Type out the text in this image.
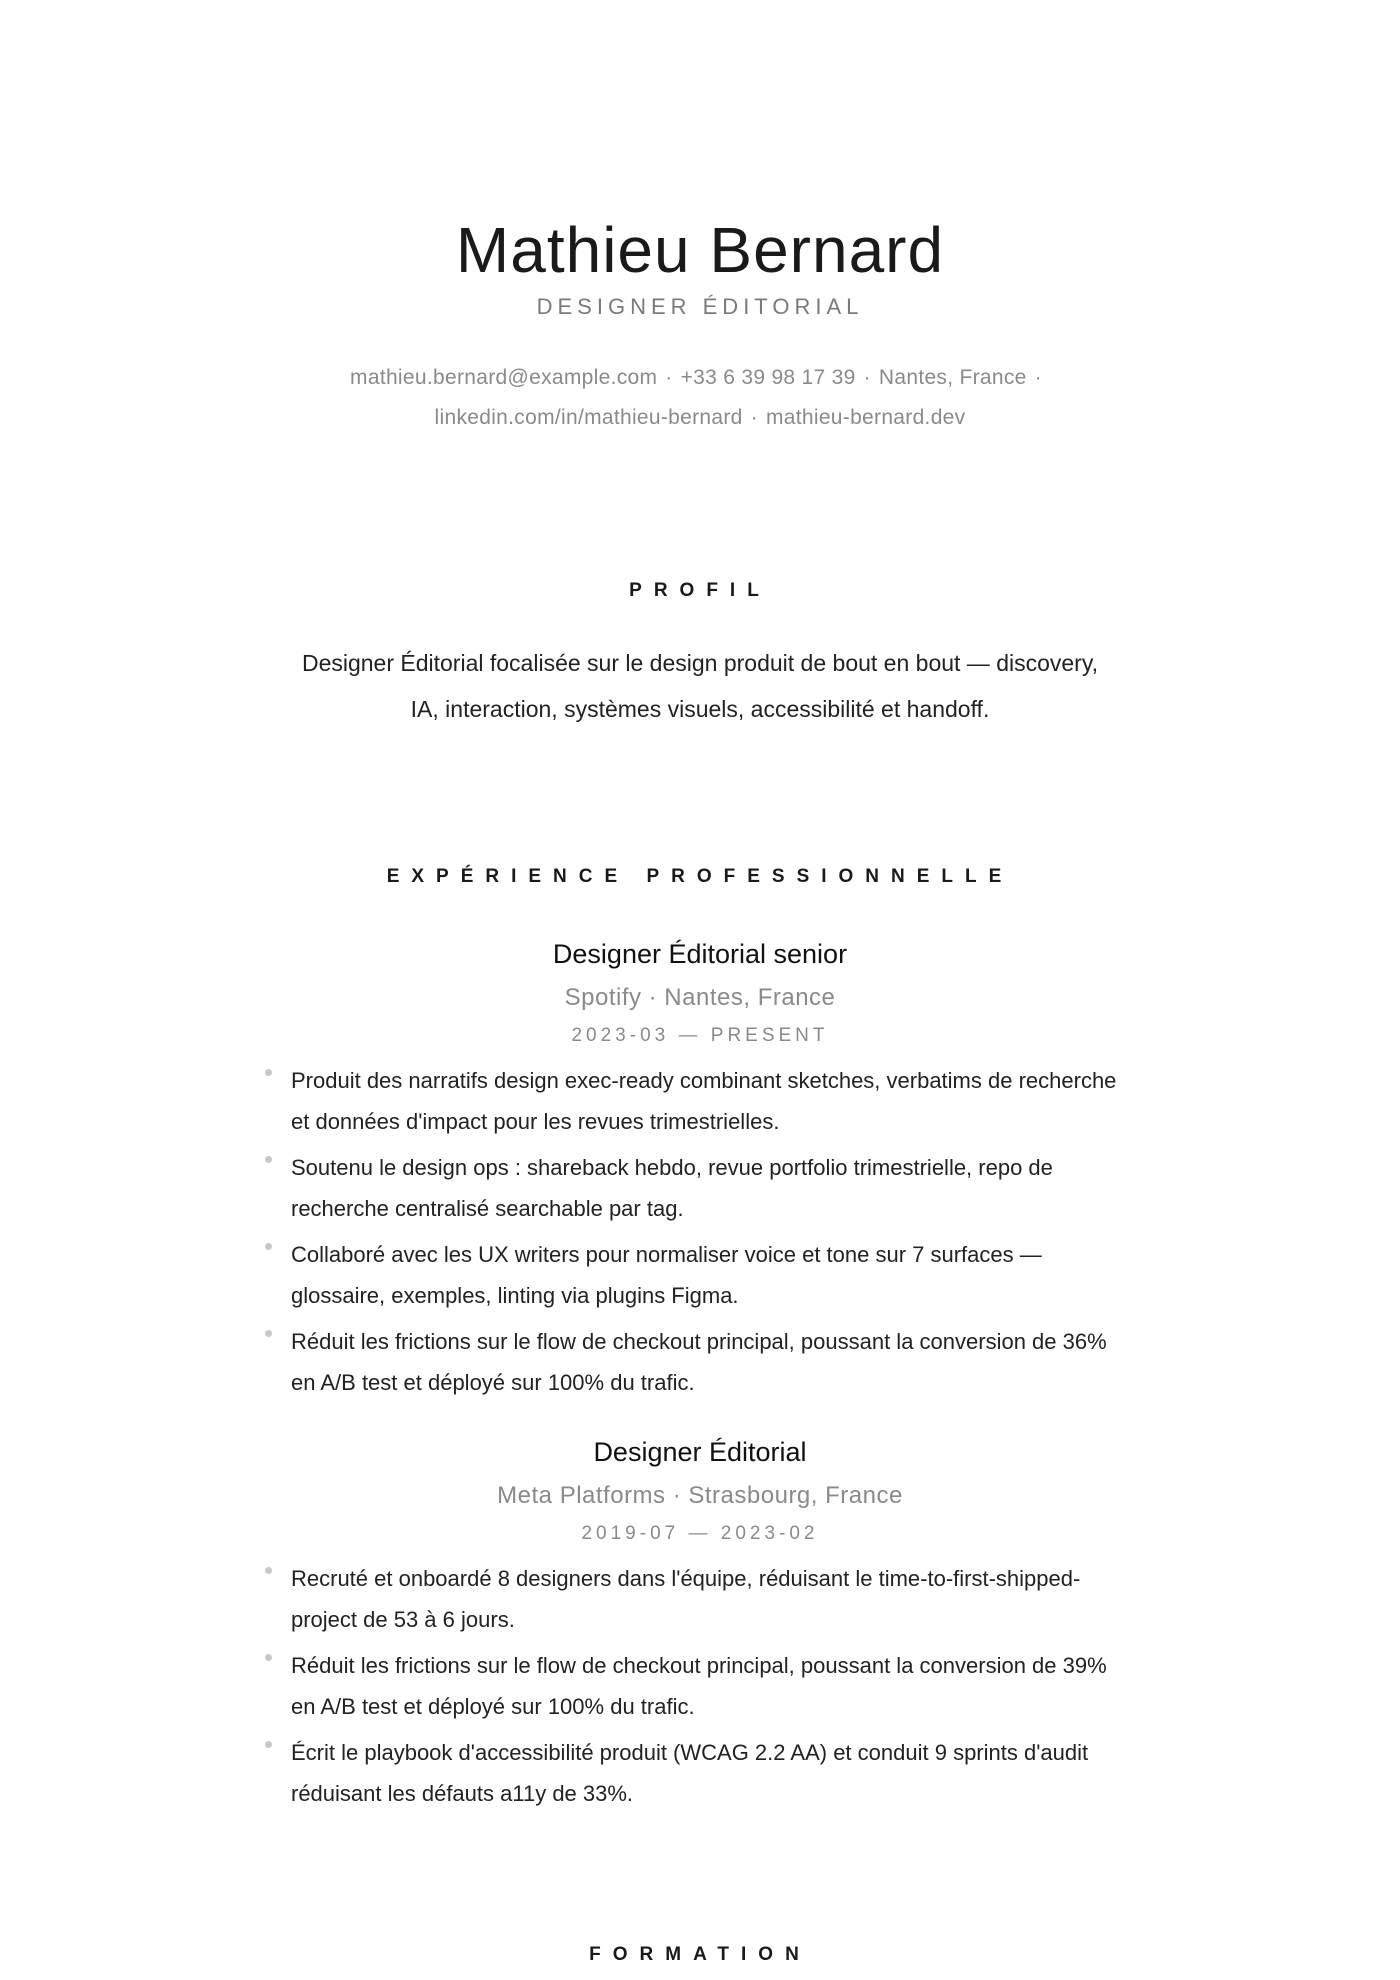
Mathieu Bernard
DESIGNER ÉDITORIAL
mathieu.bernard@example.com · +33 6 39 98 17 39 · Nantes, France ·
linkedin.com/in/mathieu-bernard · mathieu-bernard.dev
PROFIL
Designer Éditorial focalisée sur le design produit de bout en bout — discovery, IA, interaction, systèmes visuels, accessibilité et handoff.
EXPÉRIENCE PROFESSIONNELLE
Designer Éditorial senior
Spotify · Nantes, France
2023-03 — PRESENT
Produit des narratifs design exec-ready combinant sketches, verbatims de recherche et données d'impact pour les revues trimestrielles.
Soutenu le design ops : shareback hebdo, revue portfolio trimestrielle, repo de recherche centralisé searchable par tag.
Collaboré avec les UX writers pour normaliser voice et tone sur 7 surfaces — glossaire, exemples, linting via plugins Figma.
Réduit les frictions sur le flow de checkout principal, poussant la conversion de 36% en A/B test et déployé sur 100% du trafic.
Designer Éditorial
Meta Platforms · Strasbourg, France
2019-07 — 2023-02
Recruté et onboardé 8 designers dans l'équipe, réduisant le time-to-first-shipped-project de 53 à 6 jours.
Réduit les frictions sur le flow de checkout principal, poussant la conversion de 39% en A/B test et déployé sur 100% du trafic.
Écrit le playbook d'accessibilité produit (WCAG 2.2 AA) et conduit 9 sprints d'audit réduisant les défauts a11y de 33%.
FORMATION
